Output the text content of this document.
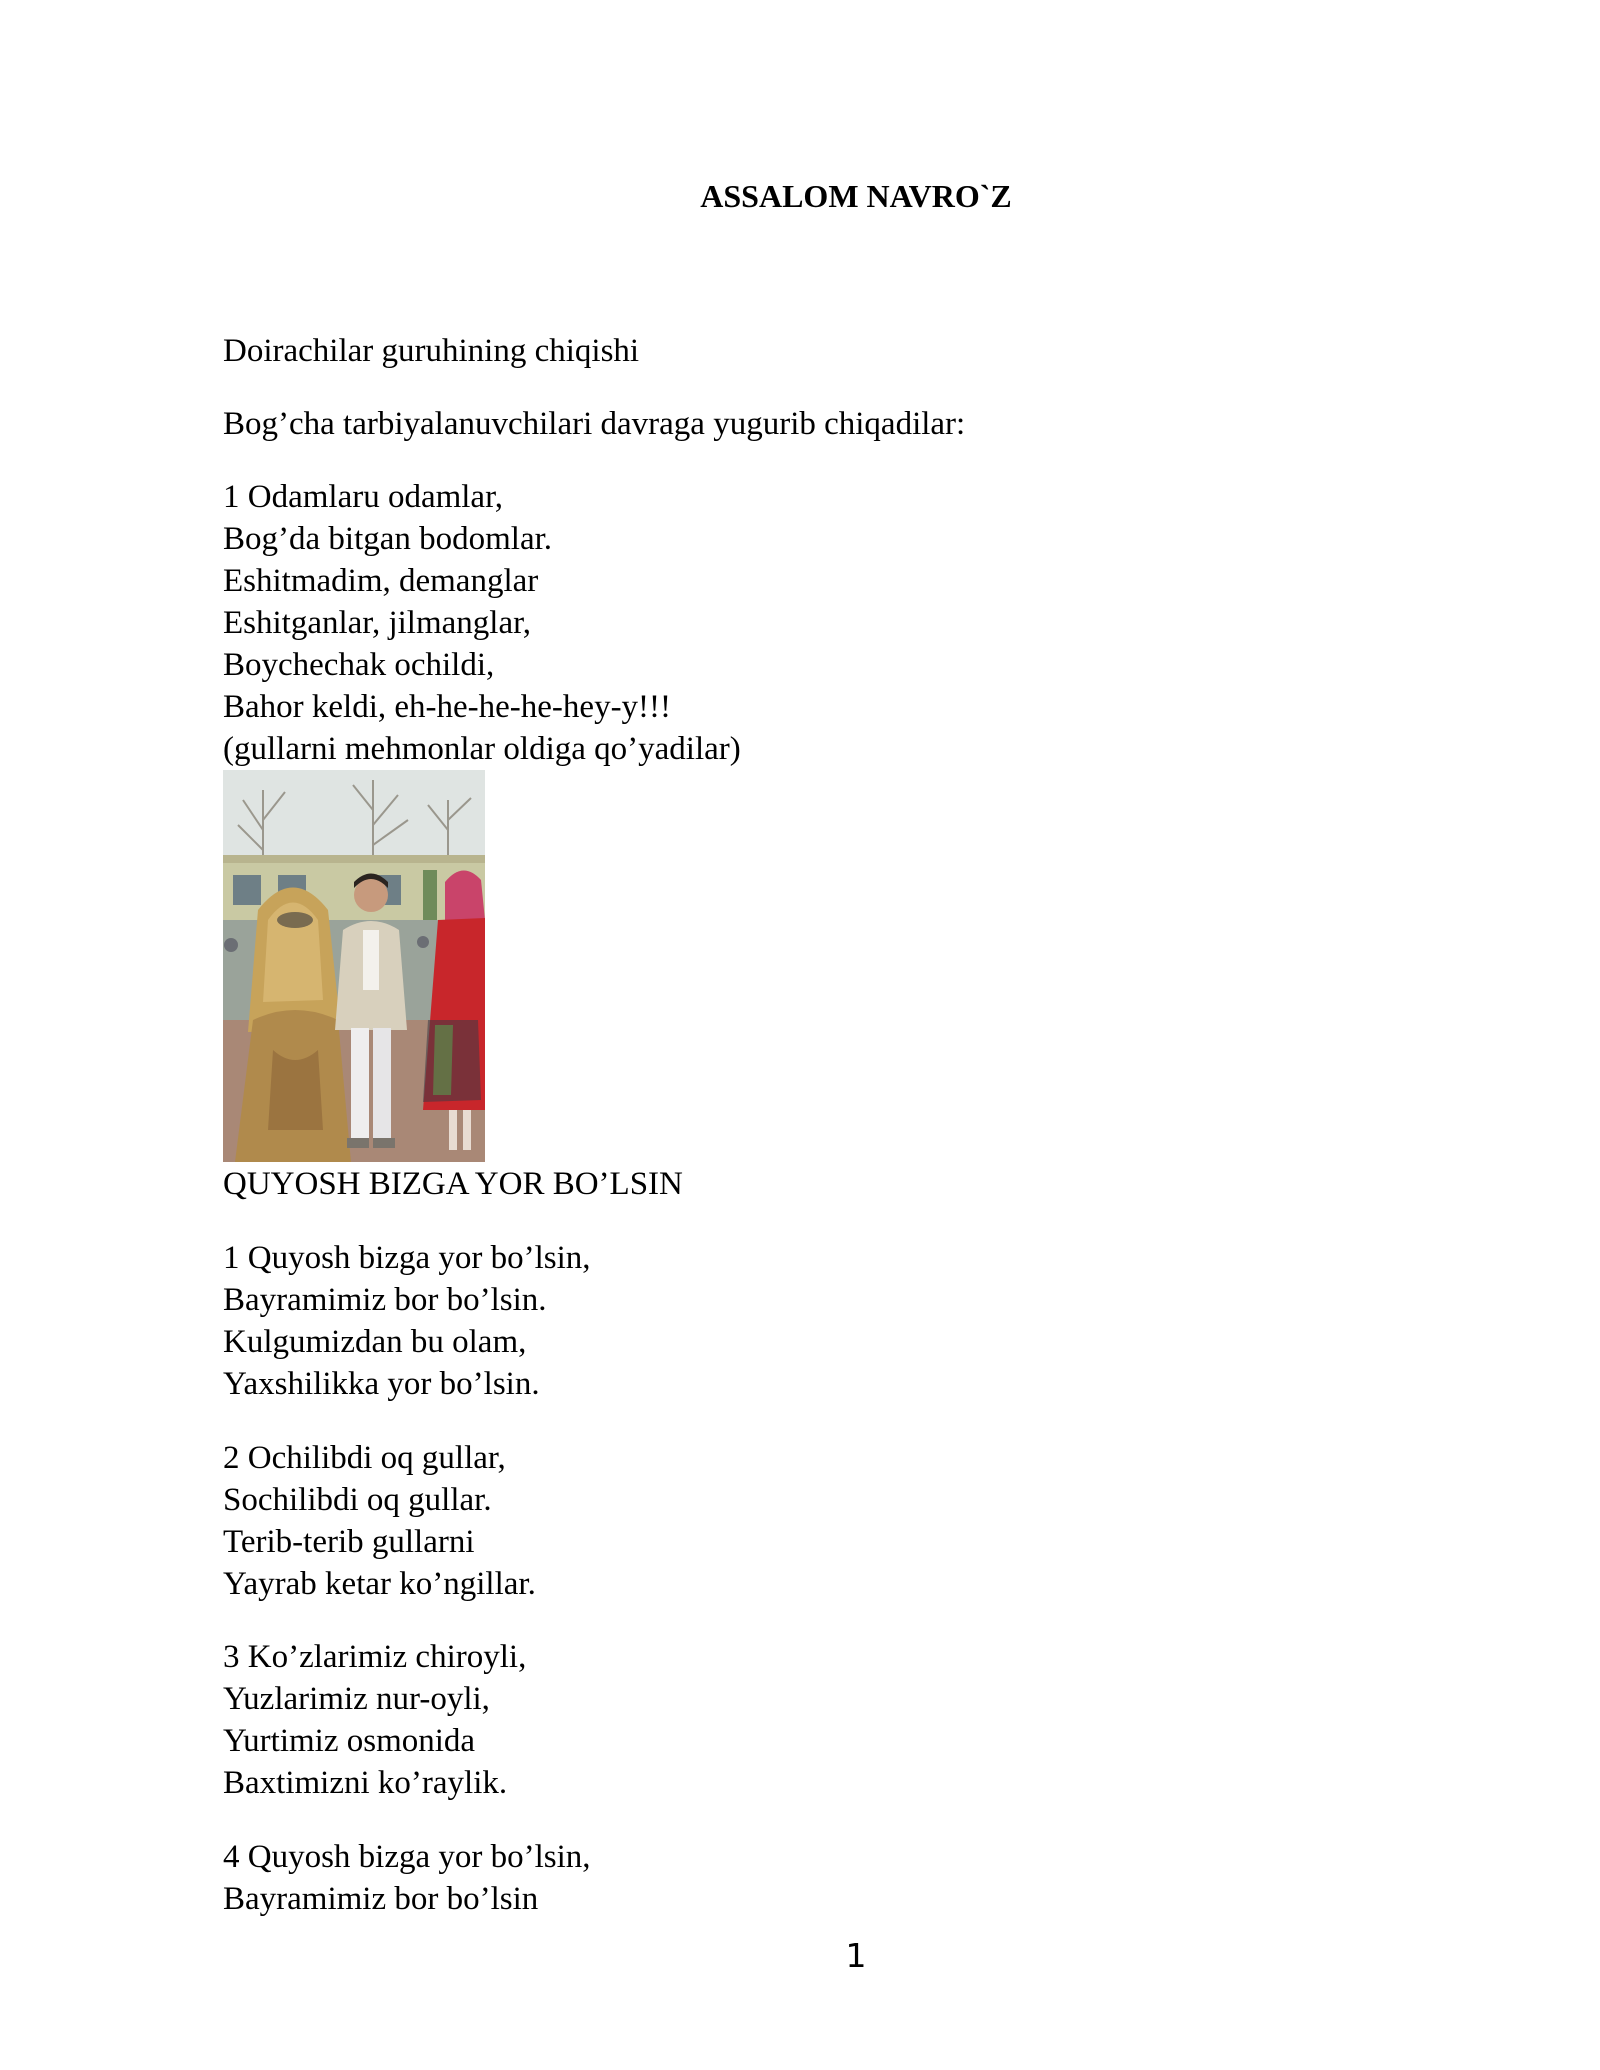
ASSALOM NAVRO`Z

Doirachilar guruhining chiqishi

Bog’cha tarbiyalanuvchilari davraga yugurib chiqadilar:

1 Odamlaru odamlar,
Bog’da bitgan bodomlar.
Eshitmadim, demanglar
Eshitganlar, jilmanglar,
Boychechak ochildi,
Bahor keldi, eh-he-he-he-hey-y!!!
(gullarni mehmonlar oldiga qo’yadilar)

QUYOSH BIZGA YOR BO’LSIN

1 Quyosh bizga yor bo’lsin,
Bayramimiz bor bo’lsin.
Kulgumizdan bu olam,
Yaxshilikka yor bo’lsin.
2 Ochilibdi oq gullar,
Sochilibdi oq gullar.
Terib-terib gullarni
Yayrab ketar ko’ngillar.
3 Ko’zlarimiz chiroyli,
Yuzlarimiz nur-oyli,
Yurtimiz osmonida
Baxtimizni ko’raylik.
4 Quyosh bizga yor bo’lsin,
Bayramimiz bor bo’lsin
1
